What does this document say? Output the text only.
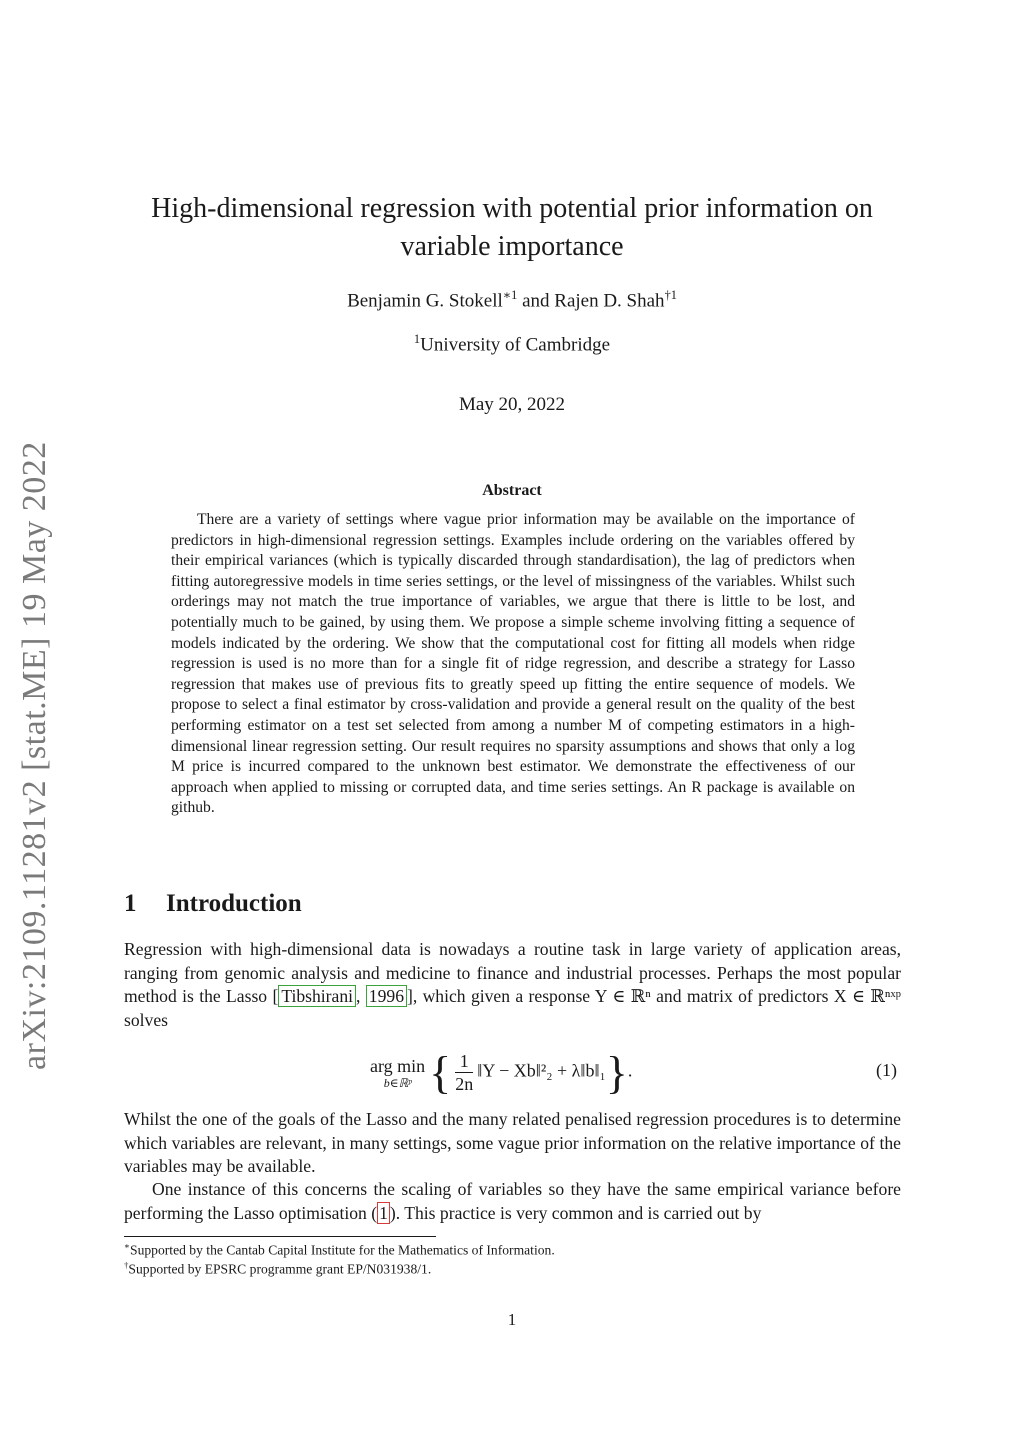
arXiv:2109.11281v2 [stat.ME] 19 May 2022
High-dimensional regression with potential prior information on
variable importance
Benjamin G. Stokell$^{∗1}$ and Rajen D. Shah$^{\dagger 1}$
$^1$University of Cambridge
May 20, 2022
Abstract
There are a variety of settings where vague prior information may be available on the importance of predictors in high-dimensional regression settings. Examples include ordering on the variables offered by their empirical variances (which is typically discarded through standardisation), the lag of predictors when fitting autoregressive models in time series settings, or the level of missingness of the variables. Whilst such orderings may not match the true importance of variables, we argue that there is little to be lost, and potentially much to be gained, by using them. We propose a simple scheme involving fitting a sequence of models indicated by the ordering. We show that the computational cost for fitting all models when ridge regression is used is no more than for a single fit of ridge regression, and describe a strategy for Lasso regression that makes use of previous fits to greatly speed up fitting the entire sequence of models. We propose to select a final estimator by cross-validation and provide a general result on the quality of the best performing estimator on a test set selected from among a number M of competing estimators in a high-dimensional linear regression setting. Our result requires no sparsity assumptions and shows that only a log M price is incurred compared to the unknown best estimator. We demonstrate the effectiveness of our approach when applied to missing or corrupted data, and time series settings. An R package is available on github.
1 Introduction
Regression with high-dimensional data is nowadays a routine task in large variety of application areas, ranging from genomic analysis and medicine to finance and industrial processes. Perhaps the most popular method is the Lasso [ Tibshirani , 1996 ], which given a response Y ∈ ℝⁿ and matrix of predictors X ∈ ℝⁿˣᵖ solves
arg min
b∈ℝᵖ { $\frac{1}{2n}$ ‖Y − Xb‖²₂ + λ‖b‖₁}.	(1)
Whilst the one of the goals of the Lasso and the many related penalised regression procedures is to determine which variables are relevant, in many settings, some vague prior information on the relative importance of the variables may be available.
One instance of this concerns the scaling of variables so they have the same empirical variance before performing the Lasso optimisation ( 1 ). This practice is very common and is carried out by
∗Supported by the Cantab Capital Institute for the Mathematics of Information.
†Supported by EPSRC programme grant EP/N031938/1.
1
